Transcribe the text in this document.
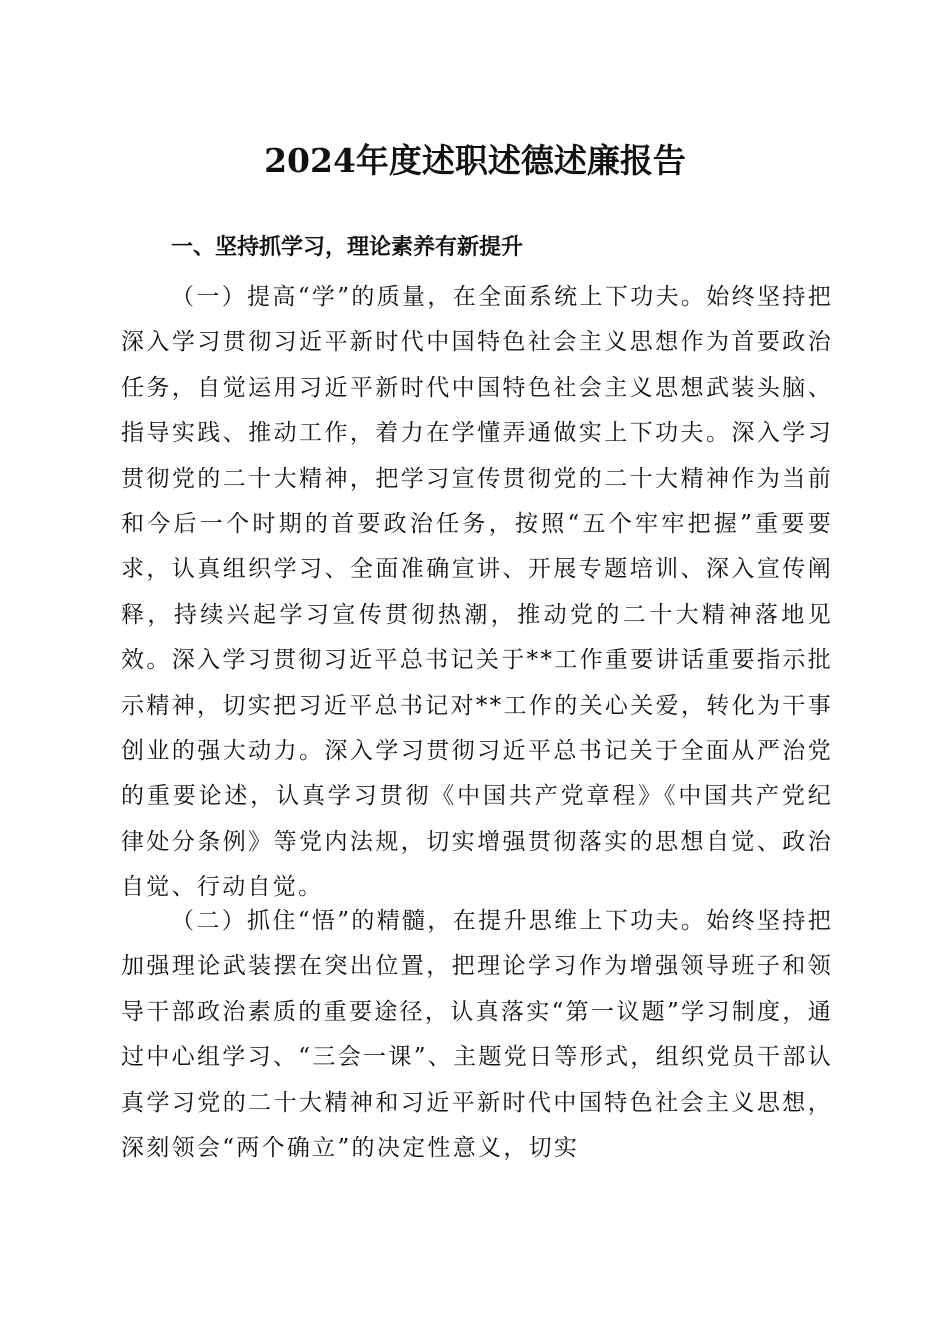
2024年度述职述德述廉报告
一、坚持抓学习，理论素养有新提升

（一）提高“学”的质量，在全面系统上下功夫。始终坚持把深入学习贯彻习近平新时代中国特色社会主义思想作为首要政治任务，自觉运用习近平新时代中国特色社会主义思想武装头脑、指导实践、推动工作，着力在学懂弄通做实上下功夫。深入学习贯彻党的二十大精神，把学习宣传贯彻党的二十大精神作为当前和今后一个时期的首要政治任务，按照“五个牢牢把握”重要要求，认真组织学习、全面准确宣讲、开展专题培训、深入宣传阐释，持续兴起学习宣传贯彻热潮，推动党的二十大精神落地见效。深入学习贯彻习近平总书记关于**工作重要讲话重要指示批示精神，切实把习近平总书记对**工作的关心关爱，转化为干事创业的强大动力。深入学习贯彻习近平总书记关于全面从严治党的重要论述，认真学习贯彻《中国共产党章程》《中国共产党纪律处分条例》等党内法规，切实增强贯彻落实的思想自觉、政治自觉、行动自觉。

（二）抓住“悟”的精髓，在提升思维上下功夫。始终坚持把加强理论武装摆在突出位置，把理论学习作为增强领导班子和领导干部政治素质的重要途径，认真落实“第一议题”学习制度，通过中心组学习、“三会一课”、主题党日等形式，组织党员干部认真学习党的二十大精神和习近平新时代中国特色社会主义思想，深刻领会“两个确立”的决定性意义，切实
